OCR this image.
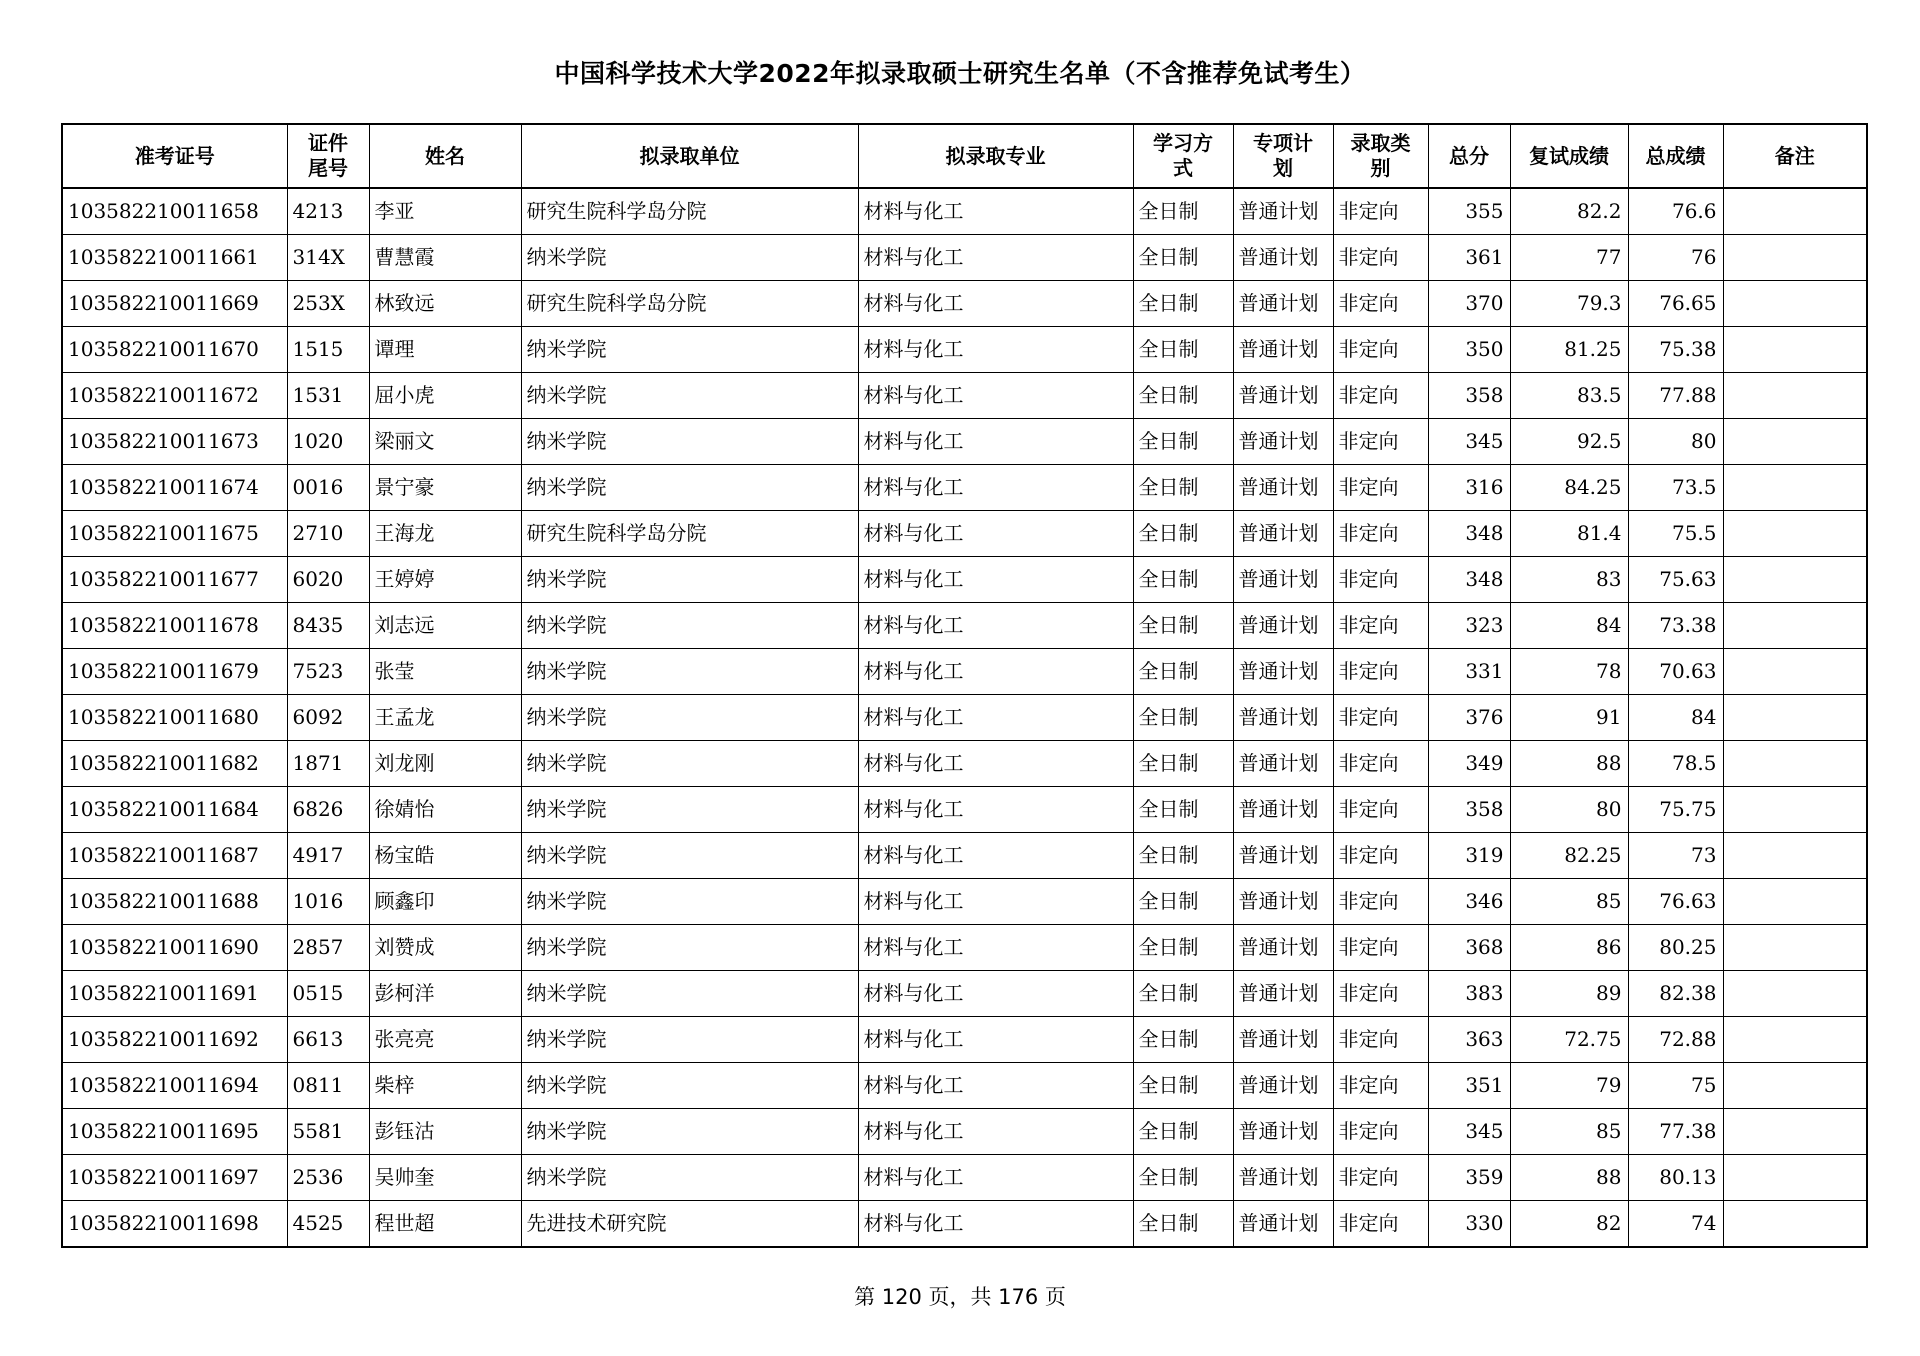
中国科学技术大学2022年拟录取硕士研究生名单（不含推荐免试考生）
准考证号	证件尾号	姓名	拟录取单位	拟录取专业	学习方式	专项计划	录取类别	总分	复试成绩	总成绩	备注
103582210011658	4213	李亚	研究生院科学岛分院	材料与化工	全日制	普通计划	非定向	355	82.2	76.6	
103582210011661	314X	曹慧霞	纳米学院	材料与化工	全日制	普通计划	非定向	361	77	76	
103582210011669	253X	林致远	研究生院科学岛分院	材料与化工	全日制	普通计划	非定向	370	79.3	76.65	
103582210011670	1515	谭理	纳米学院	材料与化工	全日制	普通计划	非定向	350	81.25	75.38	
103582210011672	1531	屈小虎	纳米学院	材料与化工	全日制	普通计划	非定向	358	83.5	77.88	
103582210011673	1020	梁丽文	纳米学院	材料与化工	全日制	普通计划	非定向	345	92.5	80	
103582210011674	0016	景宁豪	纳米学院	材料与化工	全日制	普通计划	非定向	316	84.25	73.5	
103582210011675	2710	王海龙	研究生院科学岛分院	材料与化工	全日制	普通计划	非定向	348	81.4	75.5	
103582210011677	6020	王婷婷	纳米学院	材料与化工	全日制	普通计划	非定向	348	83	75.63	
103582210011678	8435	刘志远	纳米学院	材料与化工	全日制	普通计划	非定向	323	84	73.38	
103582210011679	7523	张莹	纳米学院	材料与化工	全日制	普通计划	非定向	331	78	70.63	
103582210011680	6092	王孟龙	纳米学院	材料与化工	全日制	普通计划	非定向	376	91	84	
103582210011682	1871	刘龙刚	纳米学院	材料与化工	全日制	普通计划	非定向	349	88	78.5	
103582210011684	6826	徐婧怡	纳米学院	材料与化工	全日制	普通计划	非定向	358	80	75.75	
103582210011687	4917	杨宝皓	纳米学院	材料与化工	全日制	普通计划	非定向	319	82.25	73	
103582210011688	1016	顾鑫印	纳米学院	材料与化工	全日制	普通计划	非定向	346	85	76.63	
103582210011690	2857	刘赞成	纳米学院	材料与化工	全日制	普通计划	非定向	368	86	80.25	
103582210011691	0515	彭柯洋	纳米学院	材料与化工	全日制	普通计划	非定向	383	89	82.38	
103582210011692	6613	张亮亮	纳米学院	材料与化工	全日制	普通计划	非定向	363	72.75	72.88	
103582210011694	0811	柴梓	纳米学院	材料与化工	全日制	普通计划	非定向	351	79	75	
103582210011695	5581	彭钰沽	纳米学院	材料与化工	全日制	普通计划	非定向	345	85	77.38	
103582210011697	2536	吴帅奎	纳米学院	材料与化工	全日制	普通计划	非定向	359	88	80.13	
103582210011698	4525	程世超	先进技术研究院	材料与化工	全日制	普通计划	非定向	330	82	74	
第 120 页，共 176 页
